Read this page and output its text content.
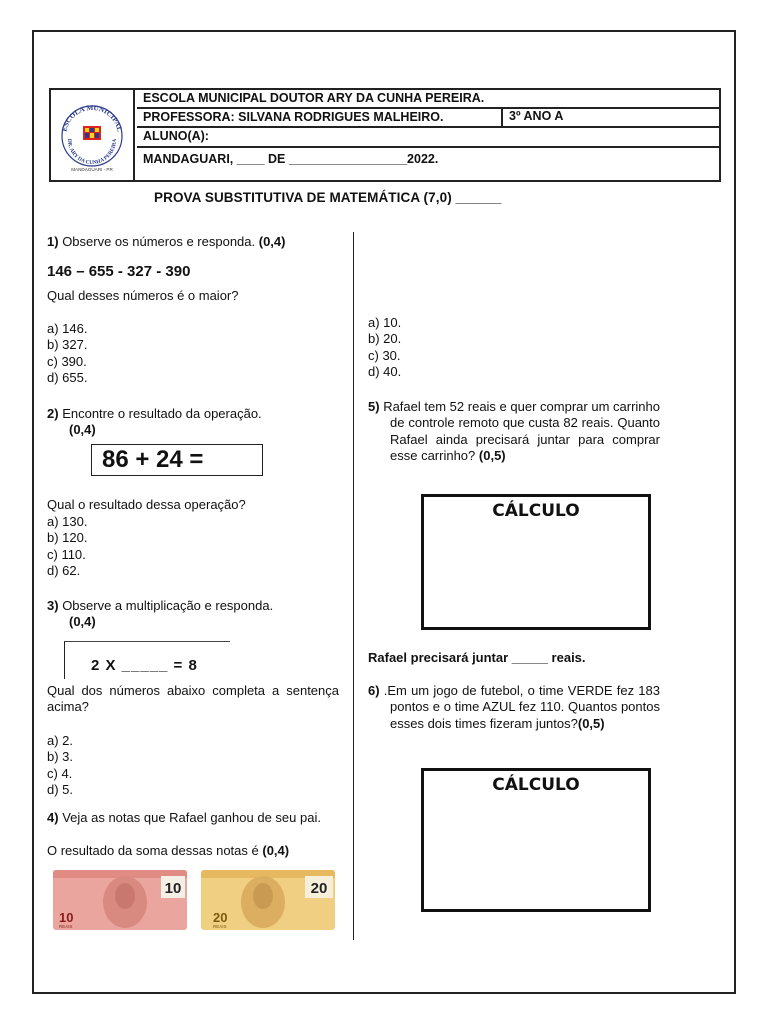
ESCOLA MUNICIPAL
DR. ARY DA CUNHA PEREIRA
MANDAGUARI - PR
ESCOLA MUNICIPAL DOUTOR ARY DA CUNHA PEREIRA.
PROFESSORA: SILVANA RODRIGUES MALHEIRO.	3º ANO A
ALUNO(A):
MANDAGUARI, ____ DE _________________2022.
PROVA SUBSTITUTIVA DE MATEMÁTICA (7,0) ______
1) Observe os números e responda. (0,4)
146 – 655 - 327 - 390
Qual desses números é o maior?
a) 146.
b) 327.
c) 390.
d) 655.
2) Encontre o resultado da operação.
(0,4)
86 + 24 =
Qual o resultado dessa operação?
a) 130.
b) 120.
c) 110.
d) 62.
3) Observe a multiplicação e responda.
(0,4)
2 X _____ = 8
Qual dos números abaixo completa a sentença acima?
a) 2.
b) 3.
c) 4.
d) 5.
4) Veja as notas que Rafael ganhou de seu pai.
O resultado da soma dessas notas é (0,4)
10
10
REAIS
20
20
REAIS
a) 10.
b) 20.
c) 30.
d) 40.
5) Rafael tem 52 reais e quer comprar um carrinho de controle remoto que custa 82 reais. Quanto Rafael ainda precisará juntar para comprar esse carrinho? (0,5)
CÁLCULO
Rafael precisará juntar _____ reais.
6) .Em um jogo de futebol, o time VERDE fez 183 pontos e o time AZUL fez 110. Quantos pontos esses dois times fizeram juntos?(0,5)
CÁLCULO
